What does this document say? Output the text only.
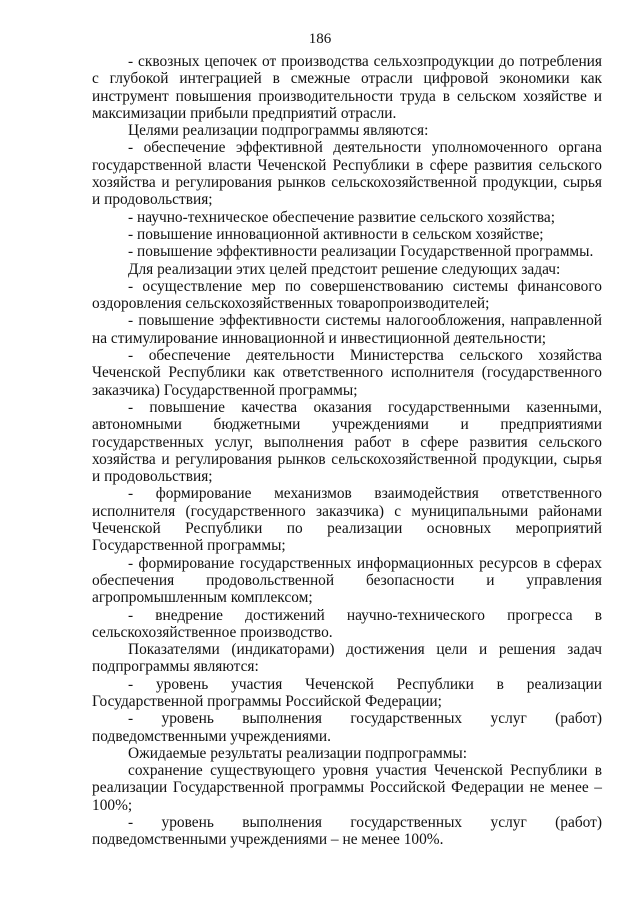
186

- сквозных цепочек от производства сельхозпродукции до потребления с глубокой интеграцией в смежные отрасли цифровой экономики как инструмент повышения производительности труда в сельском хозяйстве и максимизации прибыли предприятий отрасли.

Целями реализации подпрограммы являются:

- обеспечение эффективной деятельности уполномоченного органа государственной власти Чеченской Республики в сфере развития сельского хозяйства и регулирования рынков сельскохозяйственной продукции, сырья и продовольствия;

- научно-техническое обеспечение развитие сельского хозяйства;

- повышение инновационной активности в сельском хозяйстве;

- повышение эффективности реализации Государственной программы.

Для реализации этих целей предстоит решение следующих задач:

- осуществление мер по совершенствованию системы финансового оздоровления сельскохозяйственных товаропроизводителей;

- повышение эффективности системы налогообложения, направленной на стимулирование инновационной и инвестиционной деятельности;

- обеспечение деятельности Министерства сельского хозяйства Чеченской Республики как ответственного исполнителя (государственного заказчика) Государственной программы;

- повышение качества оказания государственными казенными, автономными бюджетными учреждениями и предприятиями государственных услуг, выполнения работ в сфере развития сельского хозяйства и регулирования рынков сельскохозяйственной продукции, сырья и продовольствия;

- формирование механизмов взаимодействия ответственного исполнителя (государственного заказчика) с муниципальными районами Чеченской Республики по реализации основных мероприятий Государственной программы;

- формирование государственных информационных ресурсов в сферах обеспечения продовольственной безопасности и управления агропромышленным комплексом;

- внедрение достижений научно-технического прогресса в сельскохозяйственное производство.

Показателями (индикаторами) достижения цели и решения задач подпрограммы являются:

- уровень участия Чеченской Республики в реализации Государственной программы Российской Федерации;

- уровень выполнения государственных услуг (работ) подведомственными учреждениями.

Ожидаемые результаты реализации подпрограммы:

сохранение существующего уровня участия Чеченской Республики в реализации Государственной программы Российской Федерации не менее – 100%;

- уровень выполнения государственных услуг (работ) подведомственными учреждениями – не менее 100%.
